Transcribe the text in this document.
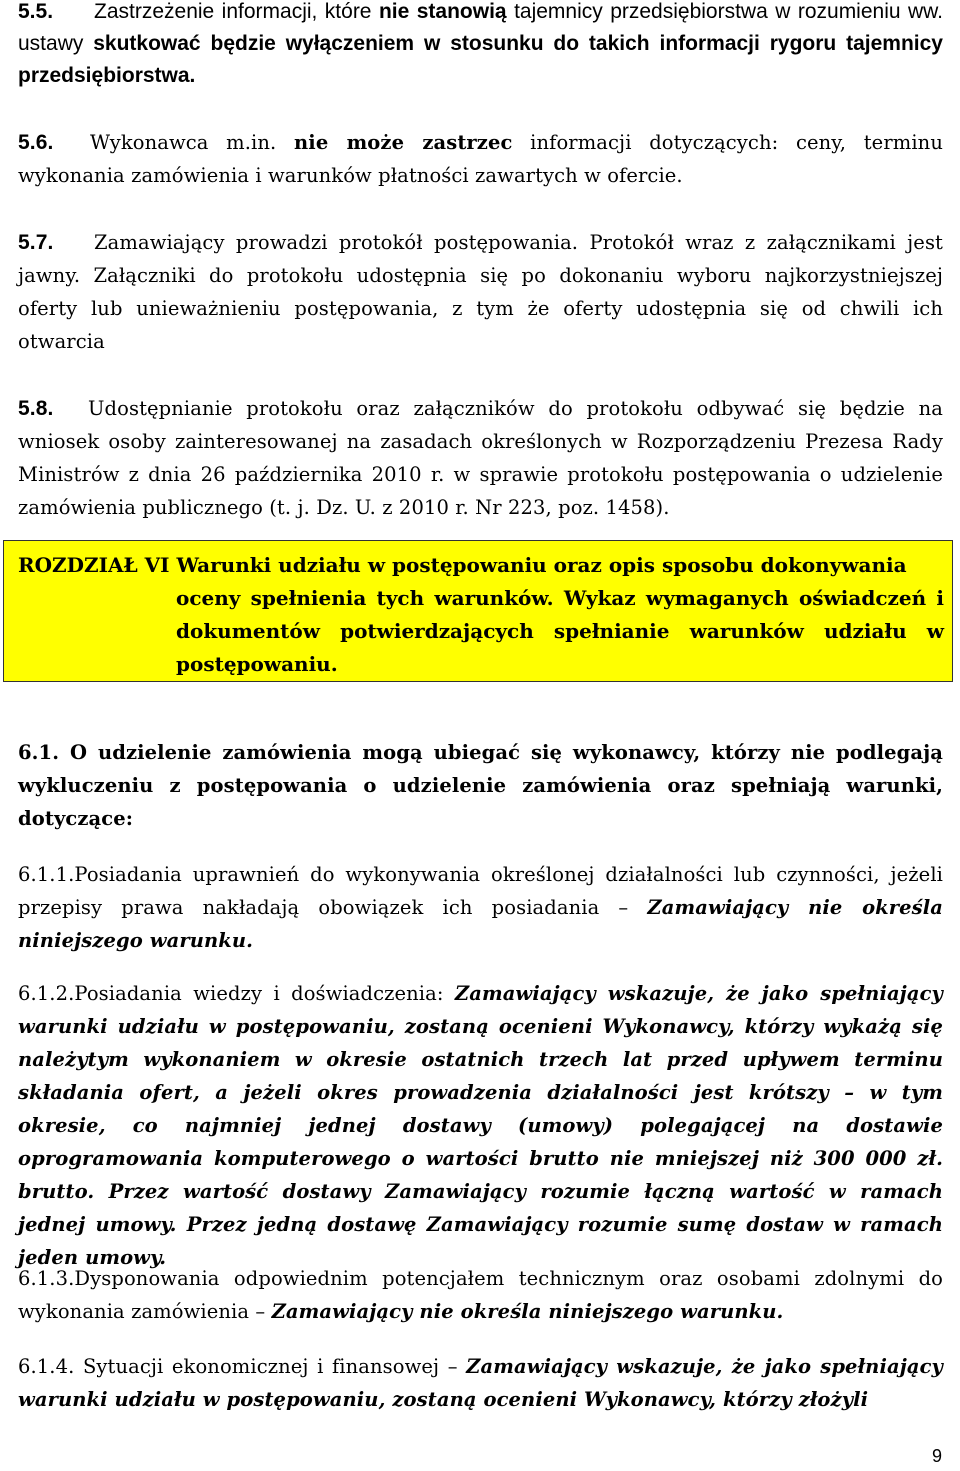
5.5. Zastrzeżenie informacji, które nie stanowią tajemnicy przedsiębiorstwa w rozumieniu ww. ustawy skutkować będzie wyłączeniem w stosunku do takich informacji rygoru tajemnicy przedsiębiorstwa.
5.6. Wykonawca m.in. nie może zastrzec informacji dotyczących: ceny, terminu wykonania zamówienia i warunków płatności zawartych w ofercie.
5.7. Zamawiający prowadzi protokół postępowania. Protokół wraz z załącznikami jest jawny. Załączniki do protokołu udostępnia się po dokonaniu wyboru najkorzystniejszej oferty lub unieważnieniu postępowania, z tym że oferty udostępnia się od chwili ich otwarcia
5.8. Udostępnianie protokołu oraz załączników do protokołu odbywać się będzie na wniosek osoby zainteresowanej na zasadach określonych w Rozporządzeniu Prezesa Rady Ministrów z dnia 26 października 2010 r. w sprawie protokołu postępowania o udzielenie zamówienia publicznego (t. j. Dz. U. z 2010 r. Nr 223, poz. 1458).
ROZDZIAŁ VI Warunki udziału w postępowaniu oraz opis sposobu dokonywania
oceny spełnienia tych warunków. Wykaz wymaganych oświadczeń i dokumentów potwierdzających spełnianie warunków udziału w postępowaniu.
6.1. O udzielenie zamówienia mogą ubiegać się wykonawcy, którzy nie podlegają wykluczeniu z postępowania o udzielenie zamówienia oraz spełniają warunki, dotyczące:
6.1.1.Posiadania uprawnień do wykonywania określonej działalności lub czynności, jeżeli przepisy prawa nakładają obowiązek ich posiadania – Zamawiający nie określa niniejszego warunku.
6.1.2.Posiadania wiedzy i doświadczenia: Zamawiający wskazuje, że jako spełniający warunki udziału w postępowaniu, zostaną ocenieni Wykonawcy, którzy wykażą się należytym wykonaniem w okresie ostatnich trzech lat przed upływem terminu składania ofert, a jeżeli okres prowadzenia działalności jest krótszy – w tym okresie, co najmniej jednej dostawy (umowy) polegającej na dostawie oprogramowania komputerowego o wartości brutto nie mniejszej niż 300 000 zł. brutto. Przez wartość dostawy Zamawiający rozumie łączną wartość w ramach jednej umowy. Przez jedną dostawę Zamawiający rozumie sumę dostaw w ramach jeden umowy.
6.1.3.Dysponowania odpowiednim potencjałem technicznym oraz osobami zdolnymi do wykonania zamówienia – Zamawiający nie określa niniejszego warunku.
6.1.4. Sytuacji ekonomicznej i finansowej – Zamawiający wskazuje, że jako spełniający warunki udziału w postępowaniu, zostaną ocenieni Wykonawcy, którzy złożyli
9
